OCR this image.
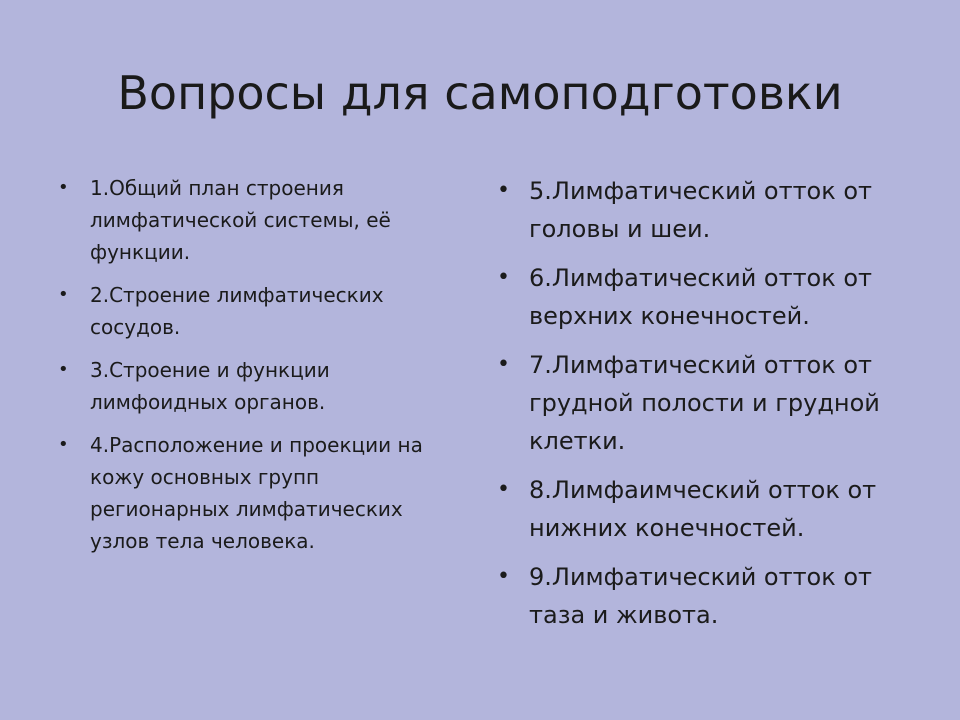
Вопросы для самоподготовки
• 1.Общий план строения лимфатической системы, её функции.
• 2.Строение лимфатических сосудов.
• 3.Строение и функции лимфоидных органов.
• 4.Расположение и проекции на кожу основных групп регионарных лимфатических узлов тела человека.
• 5.Лимфатический отток от головы и шеи.
• 6.Лимфатический отток от верхних конечностей.
• 7.Лимфатический отток от грудной полости и грудной клетки.
• 8.Лимфаимческий отток от нижних конечностей.
• 9.Лимфатический отток от таза и живота.
